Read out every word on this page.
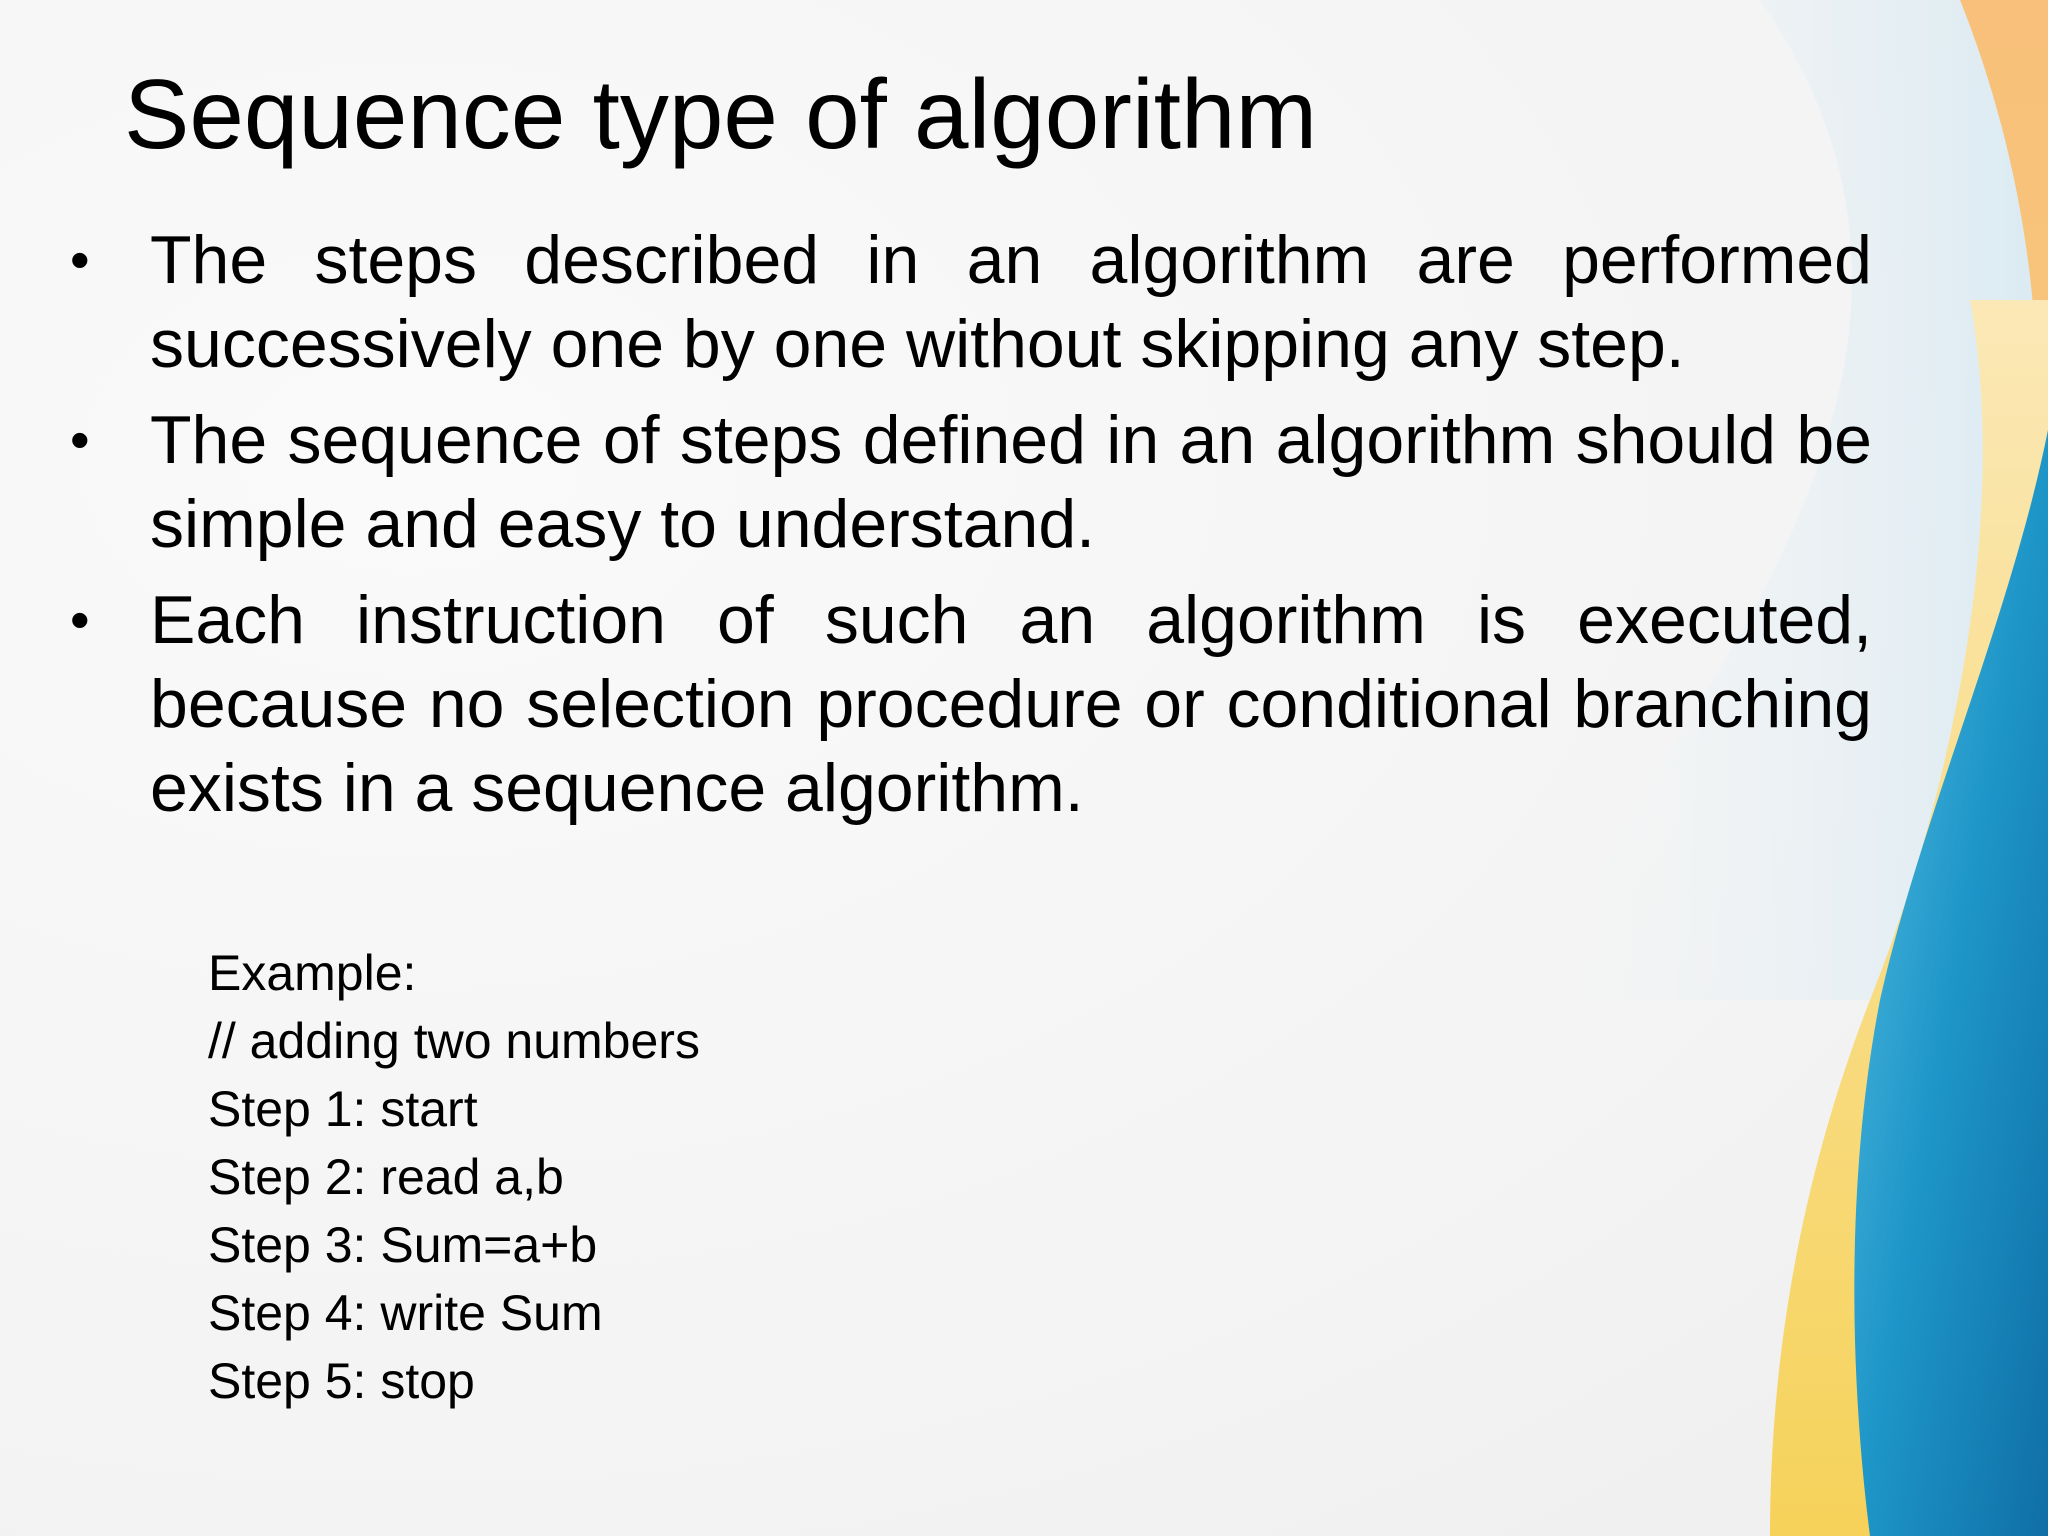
Sequence type of algorithm
• The steps described in an algorithm are performed successively one by one without skipping any step.
• The sequence of steps defined in an algorithm should be simple and easy to understand.
• Each instruction of such an algorithm is executed, because no selection procedure or conditional branching exists in a sequence algorithm.
Example:
// adding two numbers
Step 1: start
Step 2: read a,b
Step 3: Sum=a+b
Step 4: write Sum
Step 5: stop
